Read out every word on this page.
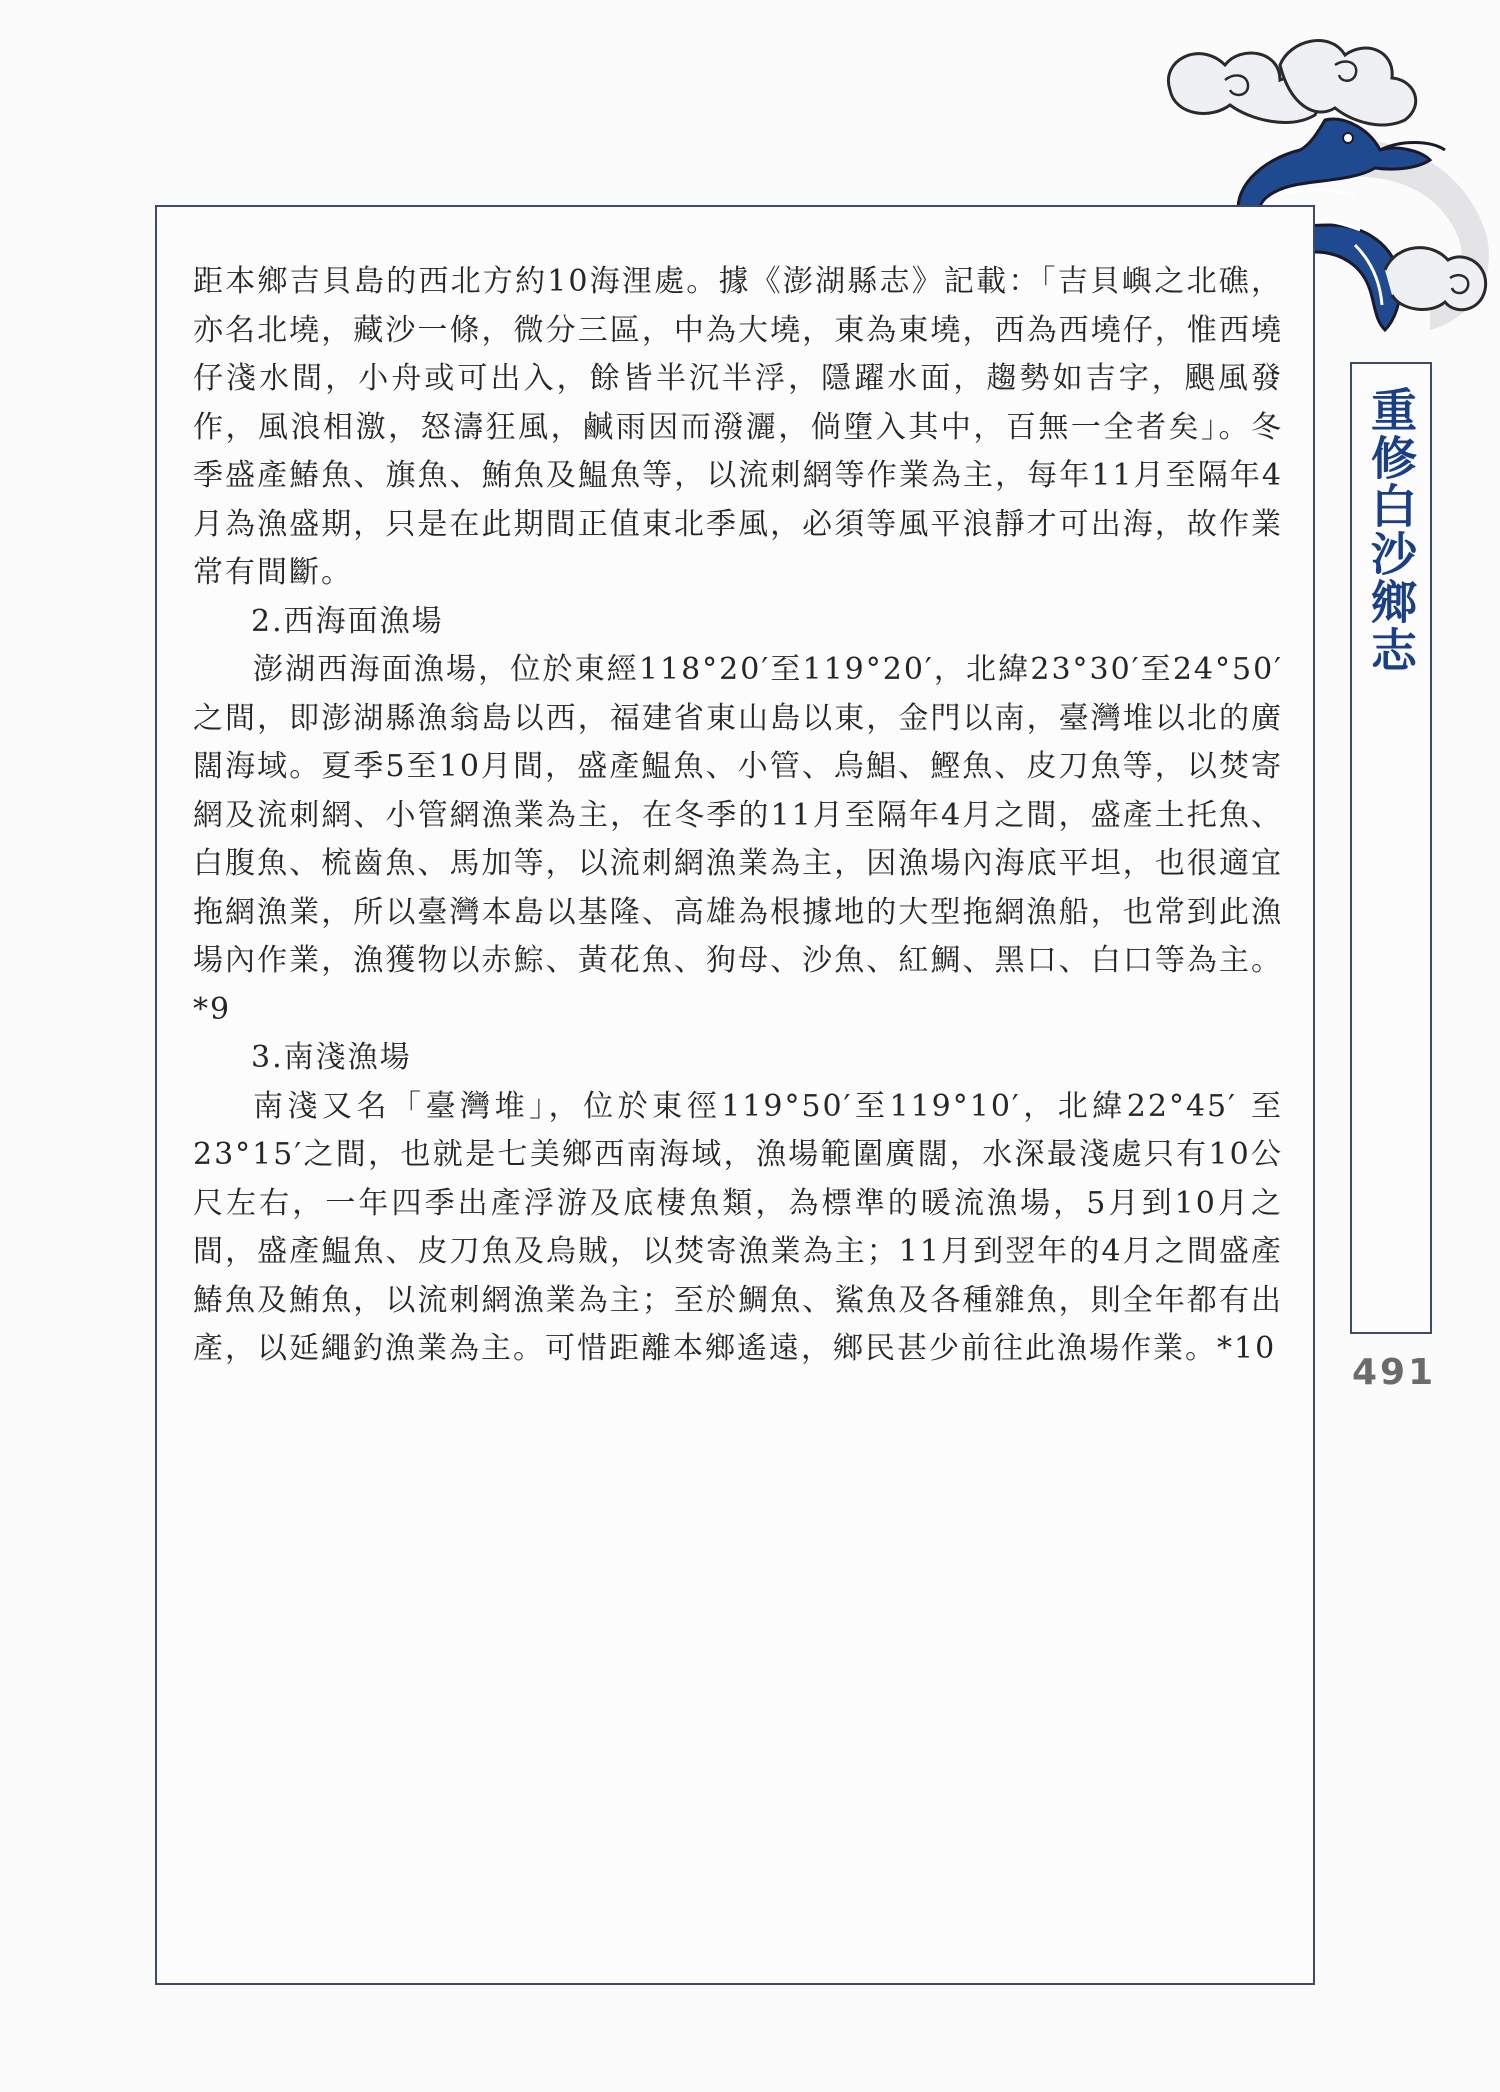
距本鄉吉貝島的西北方約10海浬處。據《澎湖縣志》記載：「吉貝嶼之北礁，亦名北墝，藏沙一條，微分三區，中為大墝，東為東墝，西為西墝仔，惟西墝仔淺水間，小舟或可出入，餘皆半沉半浮，隱躍水面，趨勢如吉字，颶風發作，風浪相激，怒濤狂風，鹹雨因而潑灑，倘墮入其中，百無一全者矣」。冬季盛產鰆魚、旗魚、鮪魚及鰛魚等，以流刺網等作業為主，每年11月至隔年4月為漁盛期，只是在此期間正值東北季風，必須等風平浪靜才可出海，故作業常有間斷。

2.西海面漁場

澎湖西海面漁場，位於東經118°20′至119°20′，北緯23°30′至24°50′之間，即澎湖縣漁翁島以西，福建省東山島以東，金門以南，臺灣堆以北的廣闊海域。夏季5至10月間，盛產鰛魚、小管、烏鯧、鰹魚、皮刀魚等，以焚寄網及流刺網、小管網漁業為主，在冬季的11月至隔年4月之間，盛產土托魚、白腹魚、梳齒魚、馬加等，以流刺網漁業為主，因漁場內海底平坦，也很適宜拖網漁業，所以臺灣本島以基隆、高雄為根據地的大型拖網漁船，也常到此漁場內作業，漁獲物以赤鯮、黃花魚、狗母、沙魚、紅鯛、黑口、白口等為主。*9

3.南淺漁場

南淺又名「臺灣堆」，位於東徑119°50′至119°10′，北緯22°45′ 至23°15′之間，也就是七美鄉西南海域，漁場範圍廣闊，水深最淺處只有10公尺左右，一年四季出產浮游及底棲魚類，為標準的暖流漁場，5月到10月之間，盛產鰛魚、皮刀魚及烏賊，以焚寄漁業為主；11月到翌年的4月之間盛產鰆魚及鮪魚，以流刺網漁業為主；至於鯛魚、鯊魚及各種雜魚，則全年都有出產，以延繩釣漁業為主。可惜距離本鄉遙遠，鄉民甚少前往此漁場作業。*10

重修白沙鄉志
491
